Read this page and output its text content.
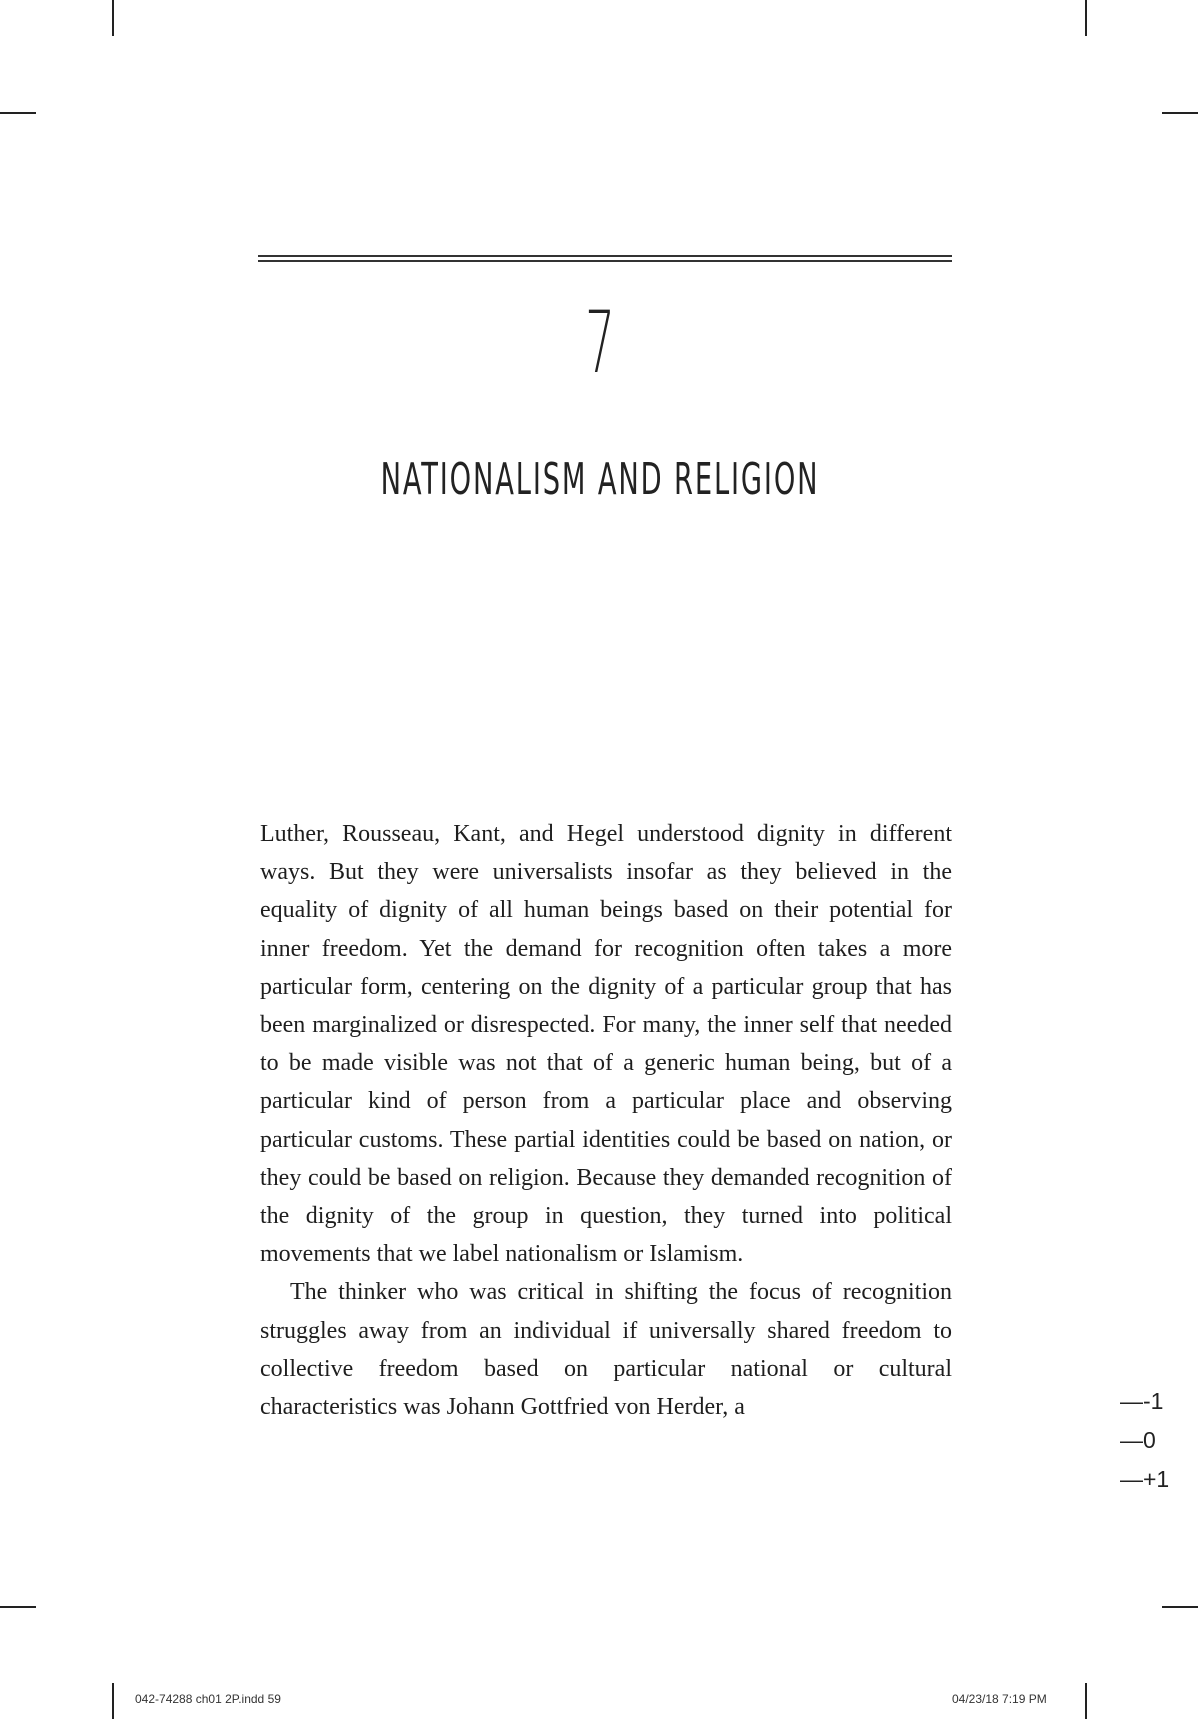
7
NATIONALISM AND RELIGION

Luther, Rousseau, Kant, and Hegel understood dignity in different ways. But they were universalists insofar as they believed in the equality of dignity of all human beings based on their potential for inner freedom. Yet the demand for recognition often takes a more particular form, centering on the dignity of a particular group that has been marginalized or disrespected. For many, the inner self that needed to be made visible was not that of a generic human being, but of a particular kind of person from a particular place and observing particular customs. These partial identities could be based on nation, or they could be based on religion. Because they demanded recognition of the dignity of the group in question, they turned into political movements that we label nationalism or Islamism.

The thinker who was critical in shifting the focus of recognition struggles away from an individual if universally shared freedom to collective freedom based on particular national or cultural characteristics was Johann Gottfried von Herder, a	—-1
—0
—+1
042-74288 ch01 2P.indd 59	04/23/18 7:19 PM
